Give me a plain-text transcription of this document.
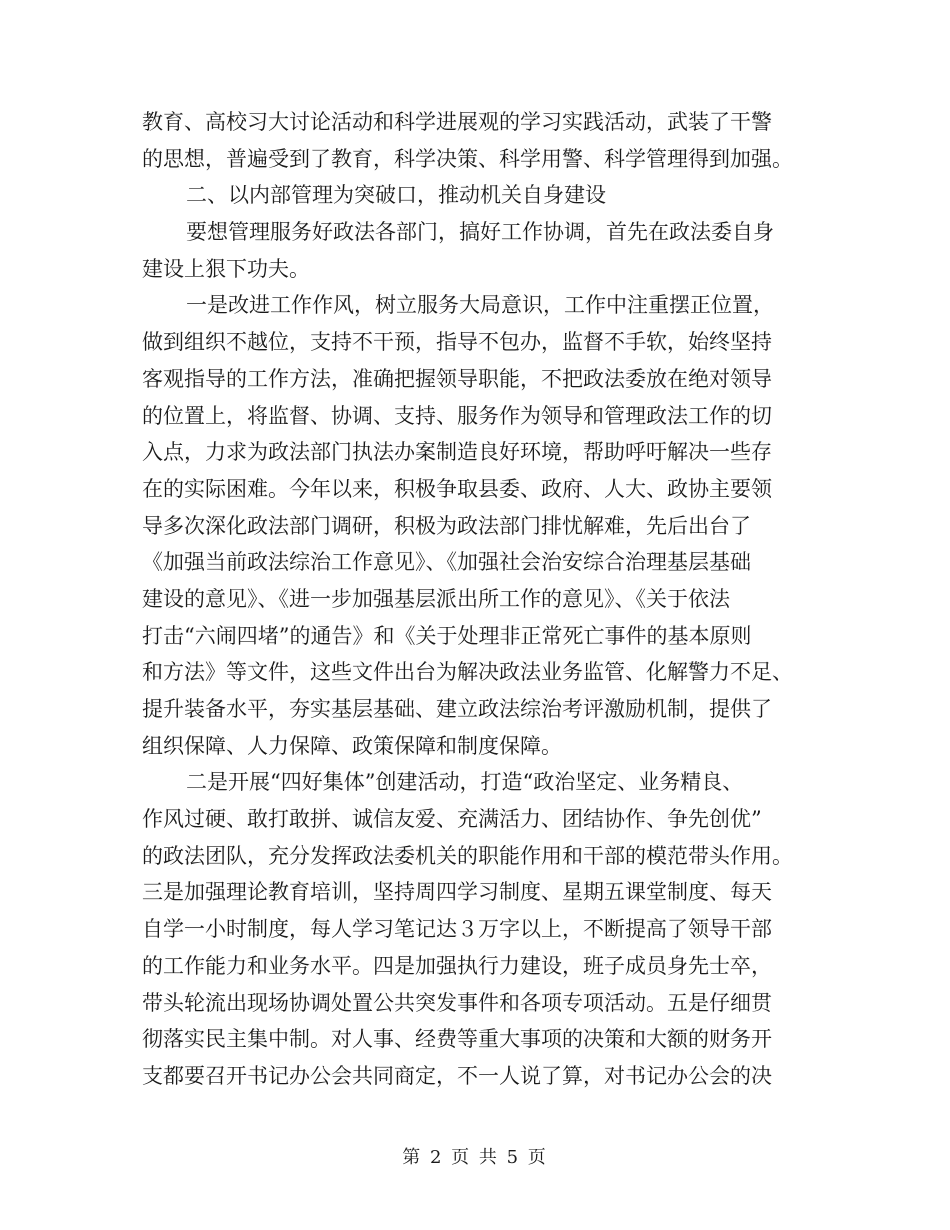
教育、高校习大讨论活动和科学进展观的学习实践活动，武装了干警
的思想，普遍受到了教育，科学决策、科学用警、科学管理得到加强。
二、以内部管理为突破口，推动机关自身建设
要想管理服务好政法各部门，搞好工作协调，首先在政法委自身
建设上狠下功夫。
一是改进工作作风，树立服务大局意识，工作中注重摆正位置，
做到组织不越位，支持不干预，指导不包办，监督不手软，始终坚持
客观指导的工作方法，准确把握领导职能，不把政法委放在绝对领导
的位置上，将监督、协调、支持、服务作为领导和管理政法工作的切
入点，力求为政法部门执法办案制造良好环境，帮助呼吁解决一些存
在的实际困难。今年以来，积极争取县委、政府、人大、政协主要领
导多次深化政法部门调研，积极为政法部门排忧解难，先后出台了
《加强当前政法综治工作意见》、《加强社会治安综合治理基层基础
建设的意见》、《进一步加强基层派出所工作的意见》、《关于依法
打击“六闹四堵”的通告》和《关于处理非正常死亡事件的基本原则
和方法》等文件，这些文件出台为解决政法业务监管、化解警力不足、
提升装备水平，夯实基层基础、建立政法综治考评激励机制，提供了
组织保障、人力保障、政策保障和制度保障。
二是开展“四好集体”创建活动，打造“政治坚定、业务精良、
作风过硬、敢打敢拼、诚信友爱、充满活力、团结协作、争先创优”
的政法团队，充分发挥政法委机关的职能作用和干部的模范带头作用。
三是加强理论教育培训，坚持周四学习制度、星期五课堂制度、每天
自学一小时制度，每人学习笔记达３万字以上，不断提高了领导干部
的工作能力和业务水平。四是加强执行力建设，班子成员身先士卒，
带头轮流出现场协调处置公共突发事件和各项专项活动。五是仔细贯
彻落实民主集中制。对人事、经费等重大事项的决策和大额的财务开
支都要召开书记办公会共同商定，不一人说了算，对书记办公会的决
第 2 页 共 5 页
